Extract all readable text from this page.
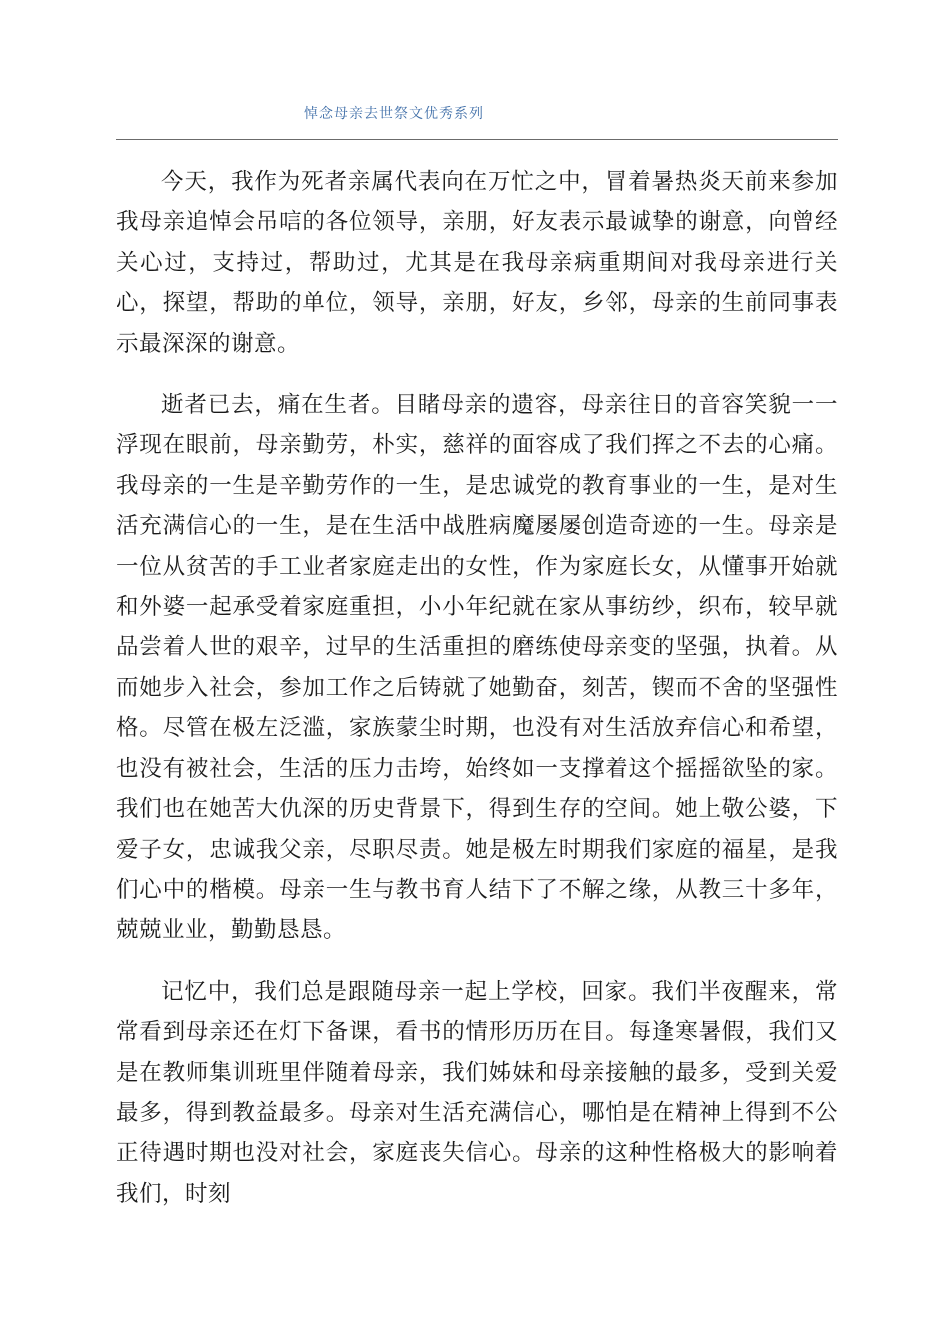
悼念母亲去世祭文优秀系列

今天，我作为死者亲属代表向在万忙之中，冒着暑热炎天前来参加我母亲追悼会吊唁的各位领导，亲朋，好友表示最诚挚的谢意，向曾经关心过，支持过，帮助过，尤其是在我母亲病重期间对我母亲进行关心，探望，帮助的单位，领导，亲朋，好友，乡邻，母亲的生前同事表示最深深的谢意。

逝者已去，痛在生者。目睹母亲的遗容，母亲往日的音容笑貌一一浮现在眼前，母亲勤劳，朴实，慈祥的面容成了我们挥之不去的心痛。我母亲的一生是辛勤劳作的一生，是忠诚党的教育事业的一生，是对生活充满信心的一生，是在生活中战胜病魔屡屡创造奇迹的一生。母亲是一位从贫苦的手工业者家庭走出的女性，作为家庭长女，从懂事开始就和外婆一起承受着家庭重担，小小年纪就在家从事纺纱，织布，较早就品尝着人世的艰辛，过早的生活重担的磨练使母亲变的坚强，执着。从而她步入社会，参加工作之后铸就了她勤奋，刻苦，锲而不舍的坚强性格。尽管在极左泛滥，家族蒙尘时期，也没有对生活放弃信心和希望，也没有被社会，生活的压力击垮，始终如一支撑着这个摇摇欲坠的家。我们也在她苦大仇深的历史背景下，得到生存的空间。她上敬公婆，下爱子女，忠诚我父亲，尽职尽责。她是极左时期我们家庭的福星，是我们心中的楷模。母亲一生与教书育人结下了不解之缘，从教三十多年，兢兢业业，勤勤恳恳。

记忆中，我们总是跟随母亲一起上学校，回家。我们半夜醒来，常常看到母亲还在灯下备课，看书的情形历历在目。每逢寒暑假，我们又是在教师集训班里伴随着母亲，我们姊妹和母亲接触的最多，受到关爱最多，得到教益最多。母亲对生活充满信心，哪怕是在精神上得到不公正待遇时期也没对社会，家庭丧失信心。母亲的这种性格极大的影响着我们，时刻
